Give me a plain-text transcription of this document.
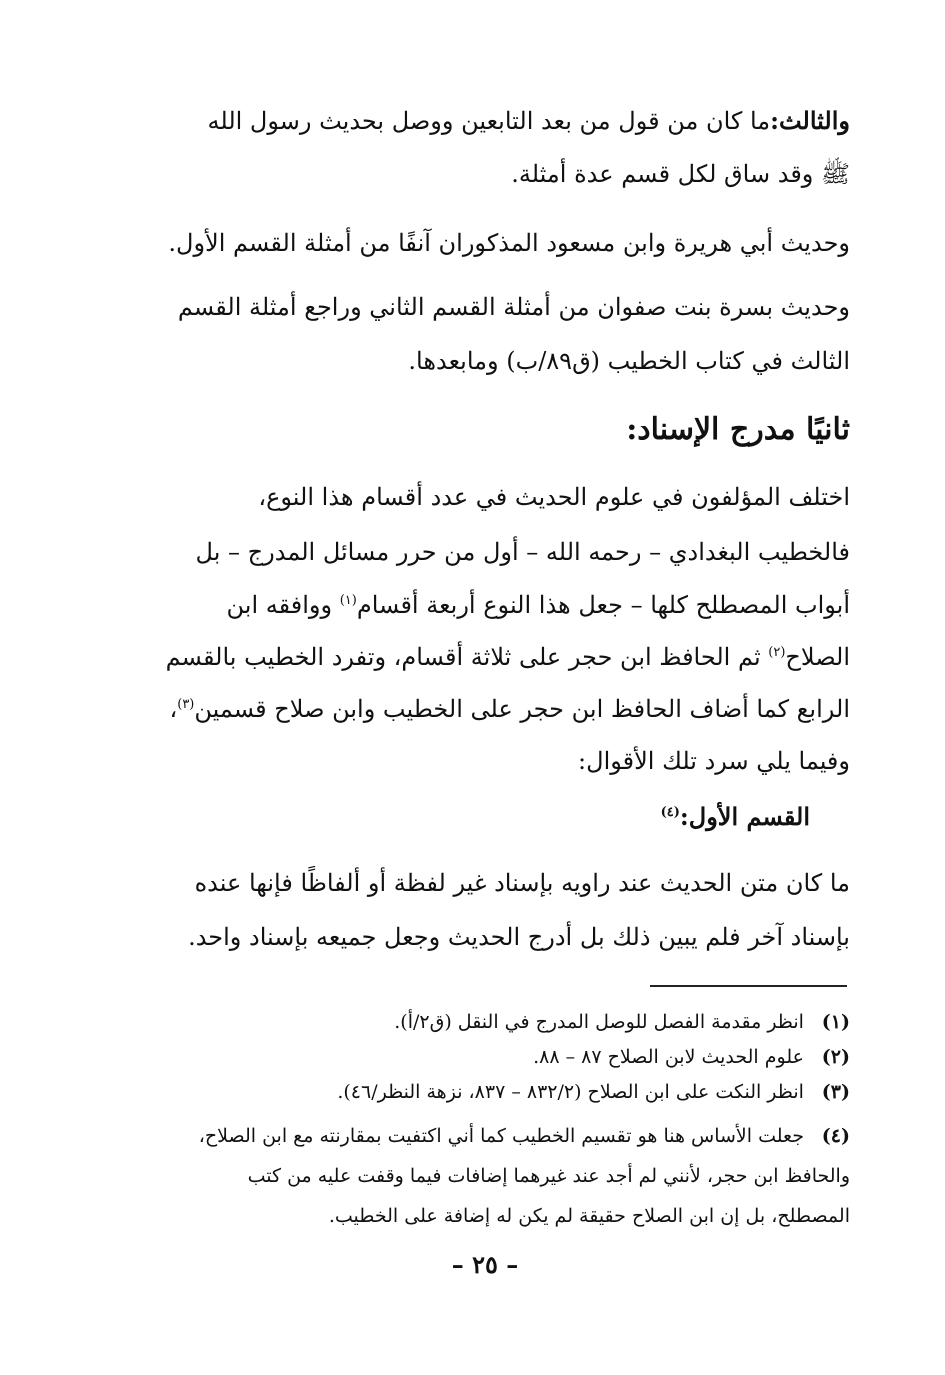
والثالث:ما كان من قول من بعد التابعين ووصل بحديث رسول الله
ﷺ وقد ساق لكل قسم عدة أمثلة.
وحديث أبي هريرة وابن مسعود المذكوران آنفًا من أمثلة القسم الأول.
وحديث بسرة بنت صفوان من أمثلة القسم الثاني وراجع أمثلة القسم
الثالث في كتاب الخطيب (ق٨٩/ب) ومابعدها.
ثانيًا مدرج الإسناد:
اختلف المؤلفون في علوم الحديث في عدد أقسام هذا النوع،
فالخطيب البغدادي – رحمه الله – أول من حرر مسائل المدرج – بل
أبواب المصطلح كلها – جعل هذا النوع أربعة أقسام$^{(١)}$ ووافقه ابن
الصلاح$^{(٢)}$ ثم الحافظ ابن حجر على ثلاثة أقسام، وتفرد الخطيب بالقسم
الرابع كما أضاف الحافظ ابن حجر على الخطيب وابن صلاح قسمين$^{(٣)}$،
وفيما يلي سرد تلك الأقوال:
القسم الأول:$^{(٤)}$
ما كان متن الحديث عند راويه بإسناد غير لفظة أو ألفاظًا فإنها عنده
بإسناد آخر فلم يبين ذلك بل أدرج الحديث وجعل جميعه بإسناد واحد.
(١) انظر مقدمة الفصل للوصل المدرج في النقل (ق٢/أ).
(٢) علوم الحديث لابن الصلاح ٨٧ – ٨٨.
(٣) انظر النكت على ابن الصلاح (٨٣٢/٢ – ٨٣٧، نزهة النظر/٤٦).
(٤) جعلت الأساس هنا هو تقسيم الخطيب كما أني اكتفيت بمقارنته مع ابن الصلاح،
والحافظ ابن حجر، لأنني لم أجد عند غيرهما إضافات فيما وقفت عليه من كتب
المصطلح، بل إن ابن الصلاح حقيقة لم يكن له إضافة على الخطيب.
– ٢٥ –
